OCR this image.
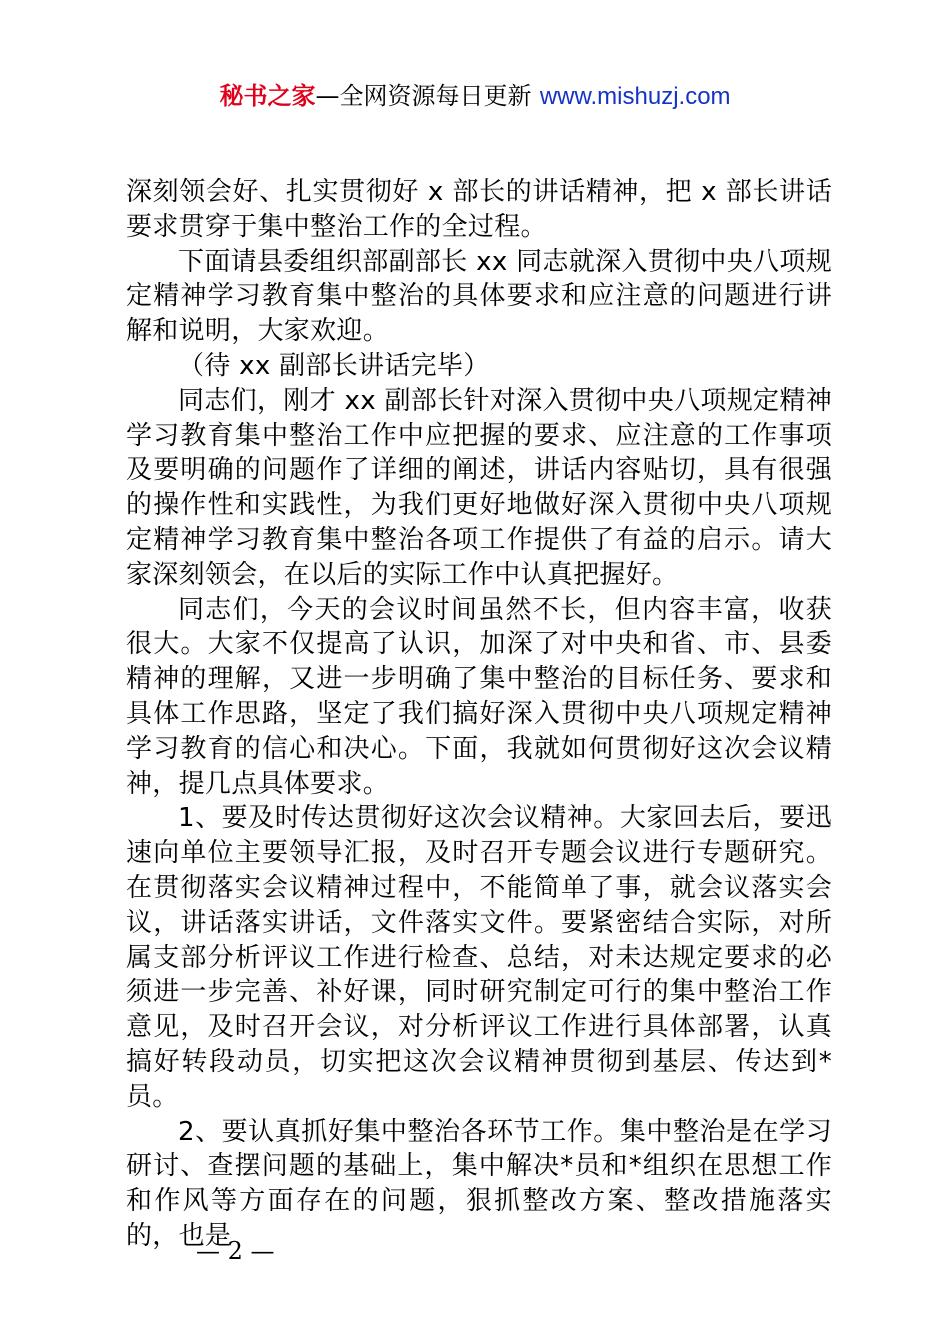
秘书之家—全网资源每日更新 www.mishuzj.com

深刻领会好、扎实贯彻好 x 部长的讲话精神，把 x 部长讲话要求贯穿于集中整治工作的全过程。

下面请县委组织部副部长 xx 同志就深入贯彻中央八项规定精神学习教育集中整治的具体要求和应注意的问题进行讲解和说明，大家欢迎。

（待 xx 副部长讲话完毕）

同志们，刚才 xx 副部长针对深入贯彻中央八项规定精神学习教育集中整治工作中应把握的要求、应注意的工作事项及要明确的问题作了详细的阐述，讲话内容贴切，具有很强的操作性和实践性，为我们更好地做好深入贯彻中央八项规定精神学习教育集中整治各项工作提供了有益的启示。请大家深刻领会，在以后的实际工作中认真把握好。

同志们，今天的会议时间虽然不长，但内容丰富，收获很大。大家不仅提高了认识，加深了对中央和省、市、县委精神的理解，又进一步明确了集中整治的目标任务、要求和具体工作思路，坚定了我们搞好深入贯彻中央八项规定精神学习教育的信心和决心。下面，我就如何贯彻好这次会议精神，提几点具体要求。

1、要及时传达贯彻好这次会议精神。大家回去后，要迅速向单位主要领导汇报，及时召开专题会议进行专题研究。在贯彻落实会议精神过程中，不能简单了事，就会议落实会议，讲话落实讲话，文件落实文件。要紧密结合实际，对所属支部分析评议工作进行检查、总结，对未达规定要求的必须进一步完善、补好课，同时研究制定可行的集中整治工作意见，及时召开会议，对分析评议工作进行具体部署，认真搞好转段动员，切实把这次会议精神贯彻到基层、传达到*员。

2、要认真抓好集中整治各环节工作。集中整治是在学习研讨、查摆问题的基础上，集中解决*员和*组织在思想工作和作风等方面存在的问题，狠抓整改方案、整改措施落实的，也是

— 2 —
